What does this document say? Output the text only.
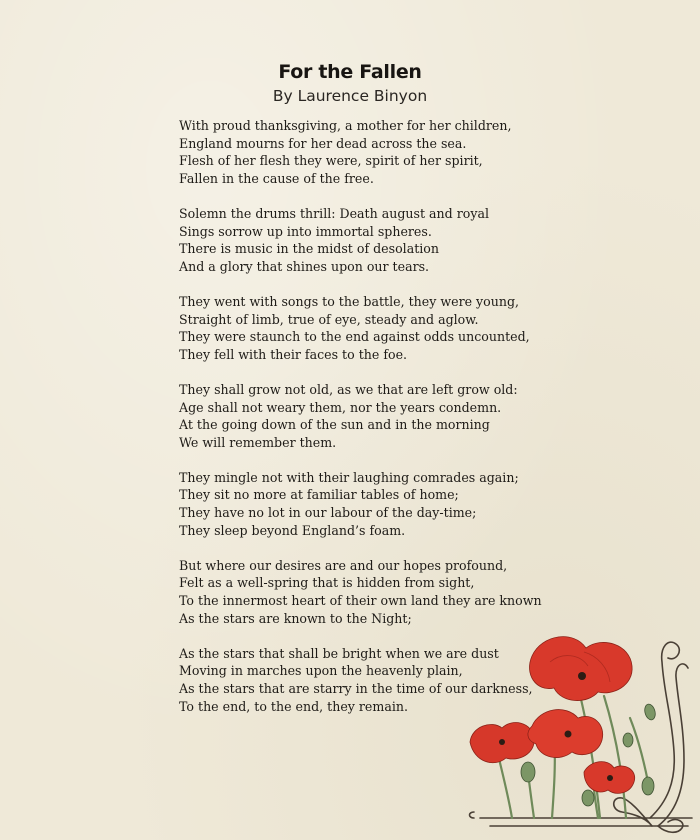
For the Fallen
By Laurence Binyon
With proud thanksgiving, a mother for her children,
England mourns for her dead across the sea.
Flesh of her flesh they were, spirit of her spirit,
Fallen in the cause of the free.
Solemn the drums thrill: Death august and royal
Sings sorrow up into immortal spheres.
There is music in the midst of desolation
And a glory that shines upon our tears.
They went with songs to the battle, they were young,
Straight of limb, true of eye, steady and aglow.
They were staunch to the end against odds uncounted,
They fell with their faces to the foe.
They shall grow not old, as we that are left grow old:
Age shall not weary them, nor the years condemn.
At the going down of the sun and in the morning
We will remember them.
They mingle not with their laughing comrades again;
They sit no more at familiar tables of home;
They have no lot in our labour of the day-time;
They sleep beyond England’s foam.
But where our desires are and our hopes profound,
Felt as a well-spring that is hidden from sight,
To the innermost heart of their own land they are known
As the stars are known to the Night;
As the stars that shall be bright when we are dust
Moving in marches upon the heavenly plain,
As the stars that are starry in the time of our darkness,
To the end, to the end, they remain.
